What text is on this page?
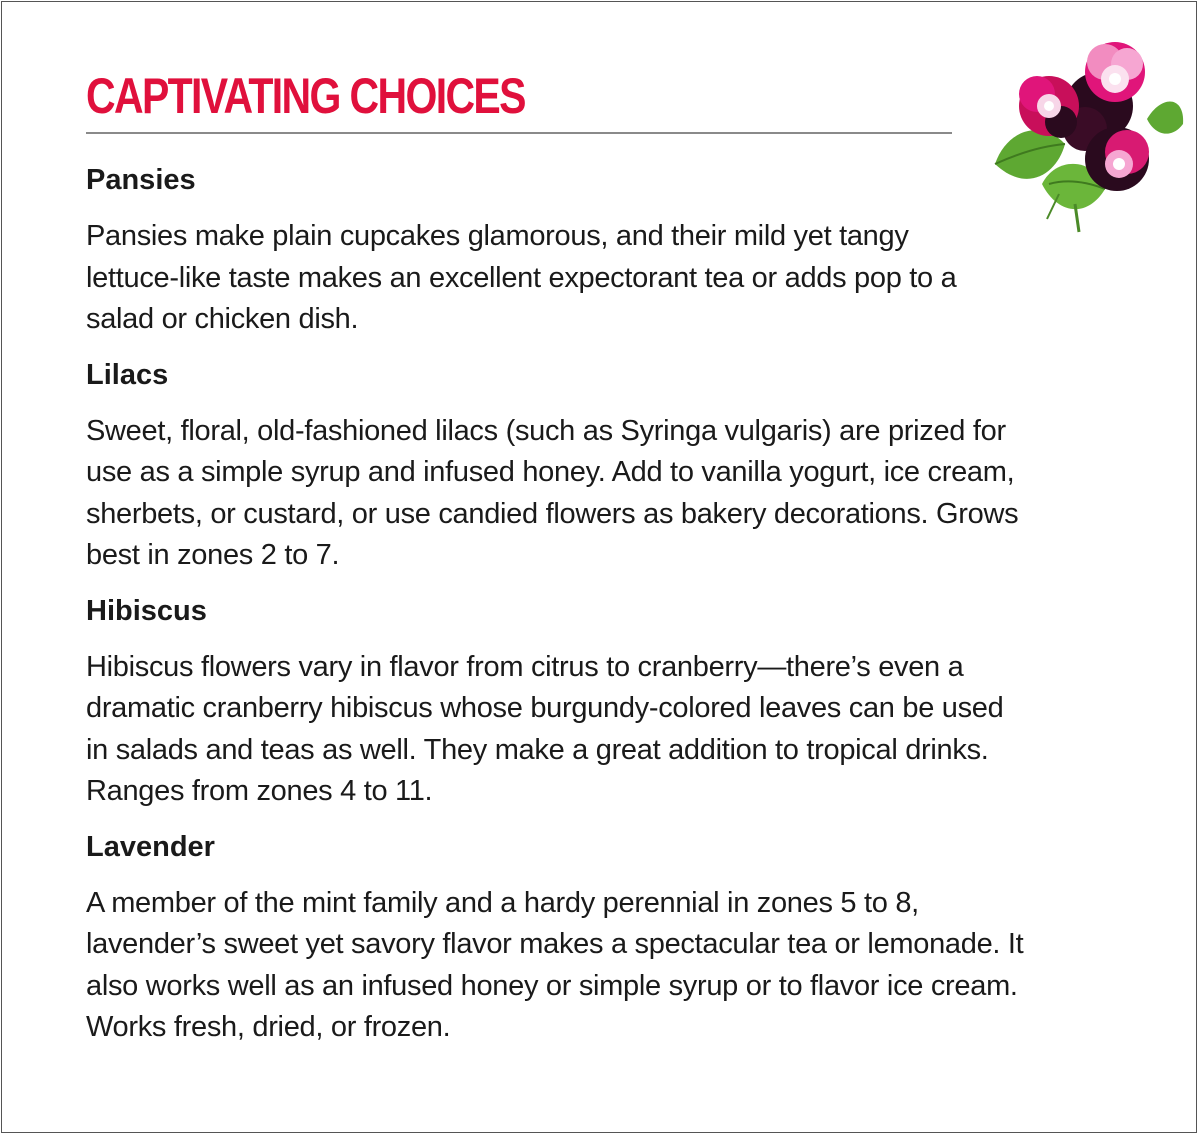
CAPTIVATING CHOICES
Pansies

Pansies make plain cupcakes glamorous, and their mild yet tangy
lettuce-like taste makes an excellent expectorant tea or adds pop to a
salad or chicken dish.

Lilacs

Sweet, floral, old-fashioned lilacs (such as Syringa vulgaris) are prized for
use as a simple syrup and infused honey. Add to vanilla yogurt, ice cream,
sherbets, or custard, or use candied flowers as bakery decorations. Grows
best in zones 2 to 7.

Hibiscus

Hibiscus flowers vary in flavor from citrus to cranberry—there’s even a
dramatic cranberry hibiscus whose burgundy-colored leaves can be used
in salads and teas as well. They make a great addition to tropical drinks.
Ranges from zones 4 to 11.

Lavender

A member of the mint family and a hardy perennial in zones 5 to 8,
lavender’s sweet yet savory flavor makes a spectacular tea or lemonade. It
also works well as an infused honey or simple syrup or to flavor ice cream.
Works fresh, dried, or frozen.
